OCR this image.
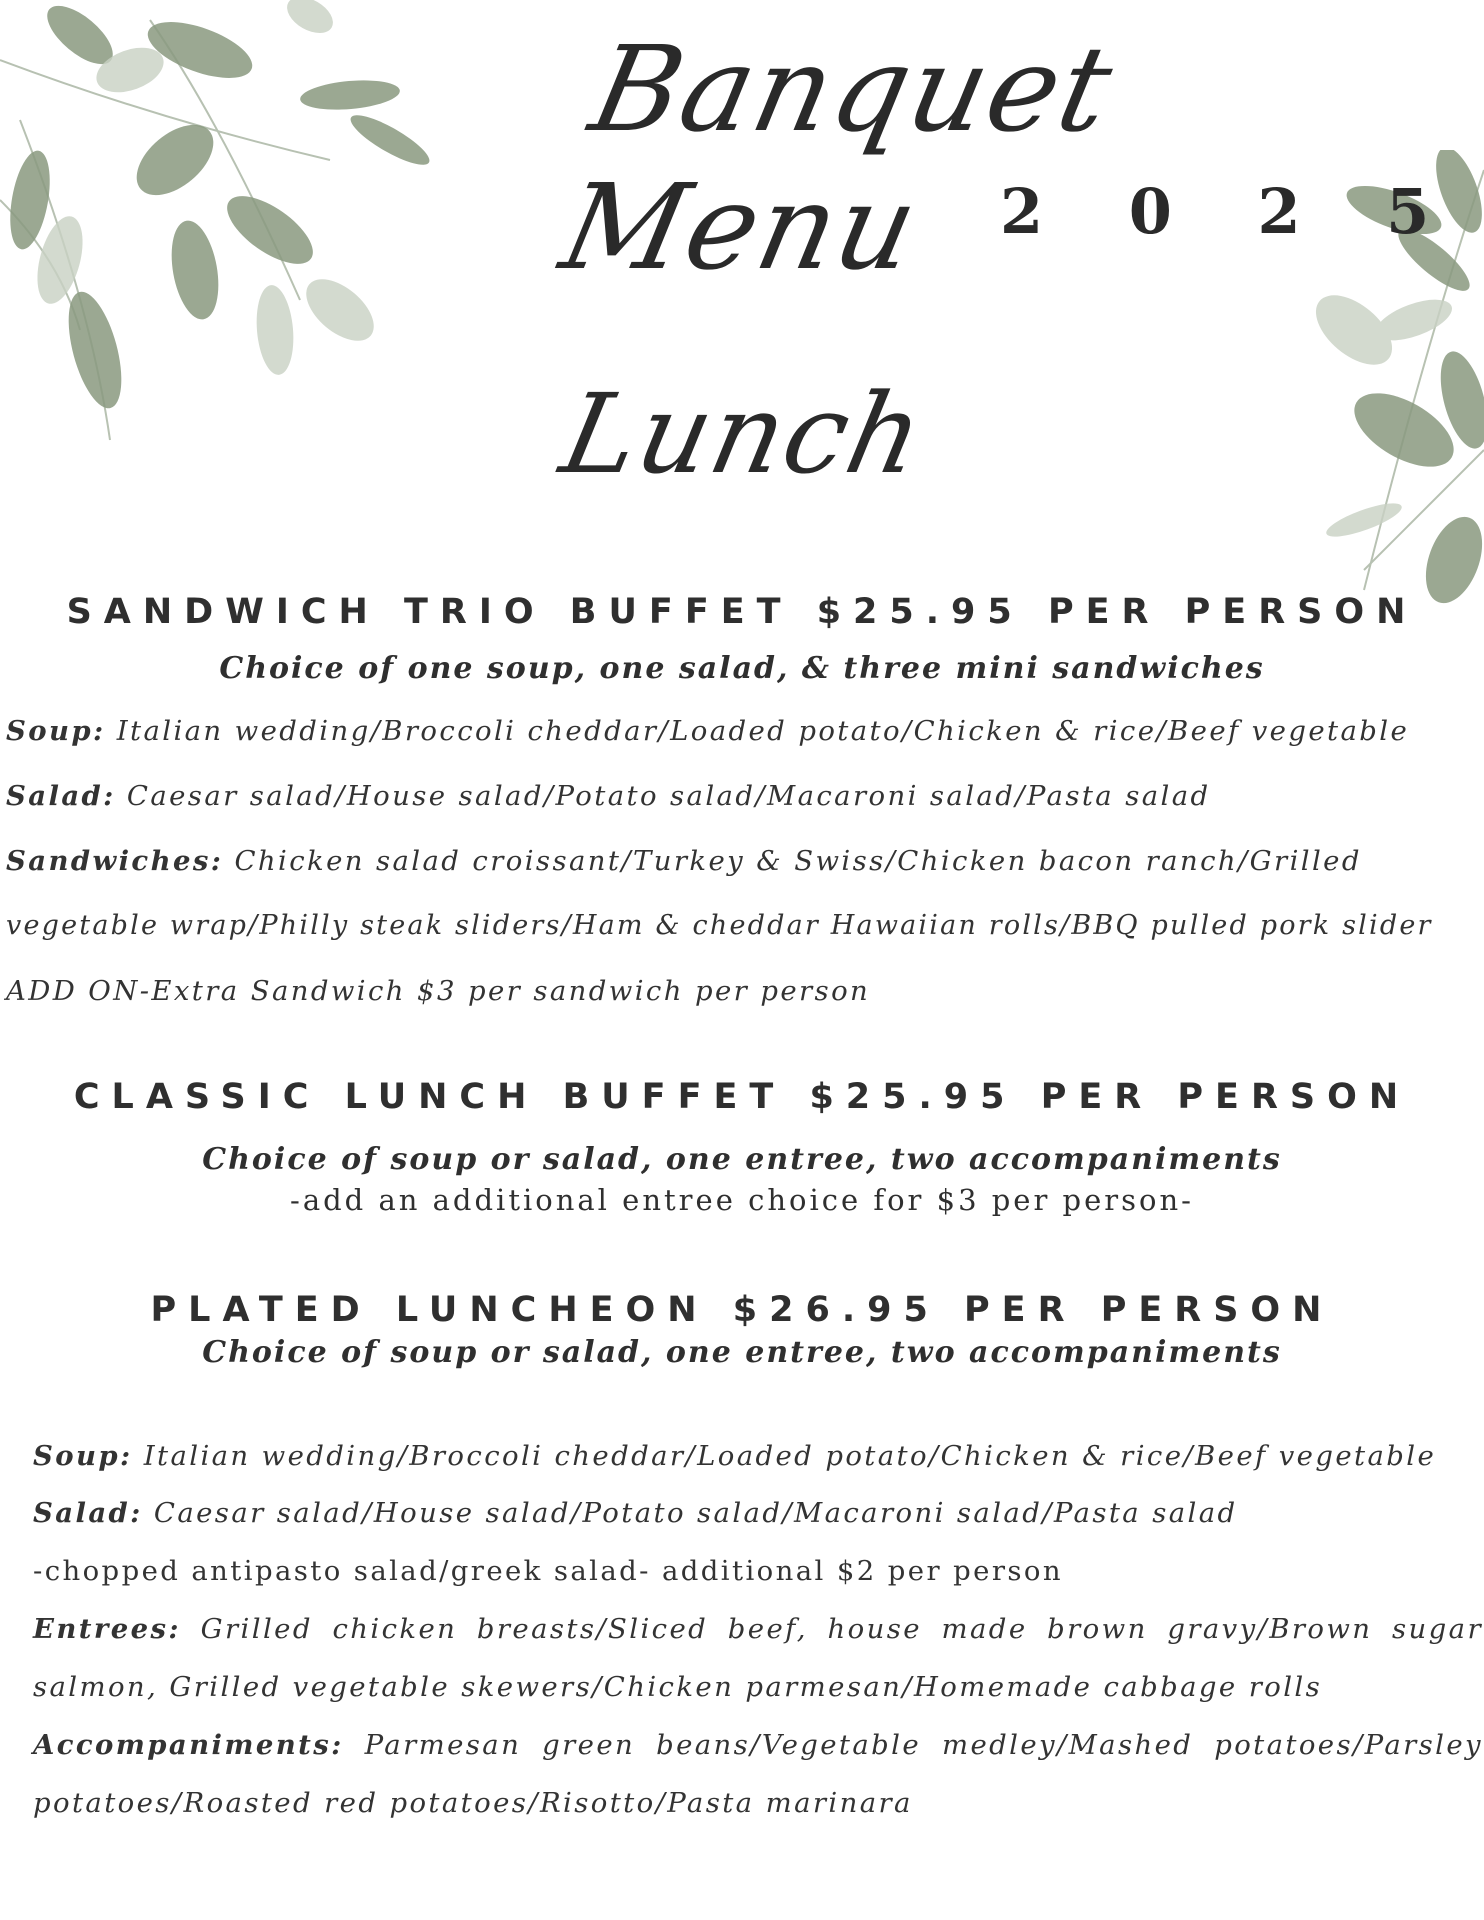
Banquet Menu	2 0 2 5
Lunch
SANDWICH TRIO BUFFET $25.95 PER PERSON
Choice of one soup, one salad, & three mini sandwiches
Soup: Italian wedding/Broccoli cheddar/Loaded potato/Chicken & rice/Beef vegetable
Salad: Caesar salad/House salad/Potato salad/Macaroni salad/Pasta salad
Sandwiches: Chicken salad croissant/Turkey & Swiss/Chicken bacon ranch/Grilled
vegetable wrap/Philly steak sliders/Ham & cheddar Hawaiian rolls/BBQ pulled pork slider
ADD ON-Extra Sandwich $3 per sandwich per person
CLASSIC LUNCH BUFFET $25.95 PER PERSON
Choice of soup or salad, one entree, two accompaniments
-add an additional entree choice for $3 per person-
PLATED LUNCHEON $26.95 PER PERSON
Choice of soup or salad, one entree, two accompaniments
Soup: Italian wedding/Broccoli cheddar/Loaded potato/Chicken & rice/Beef vegetable
Salad: Caesar salad/House salad/Potato salad/Macaroni salad/Pasta salad
-chopped antipasto salad/greek salad- additional $2 per person
Entrees: Grilled chicken breasts/Sliced beef, house made brown gravy/Brown sugar
salmon, Grilled vegetable skewers/Chicken parmesan/Homemade cabbage rolls
Accompaniments: Parmesan green beans/Vegetable medley/Mashed potatoes/Parsley
potatoes/Roasted red potatoes/Risotto/Pasta marinara
